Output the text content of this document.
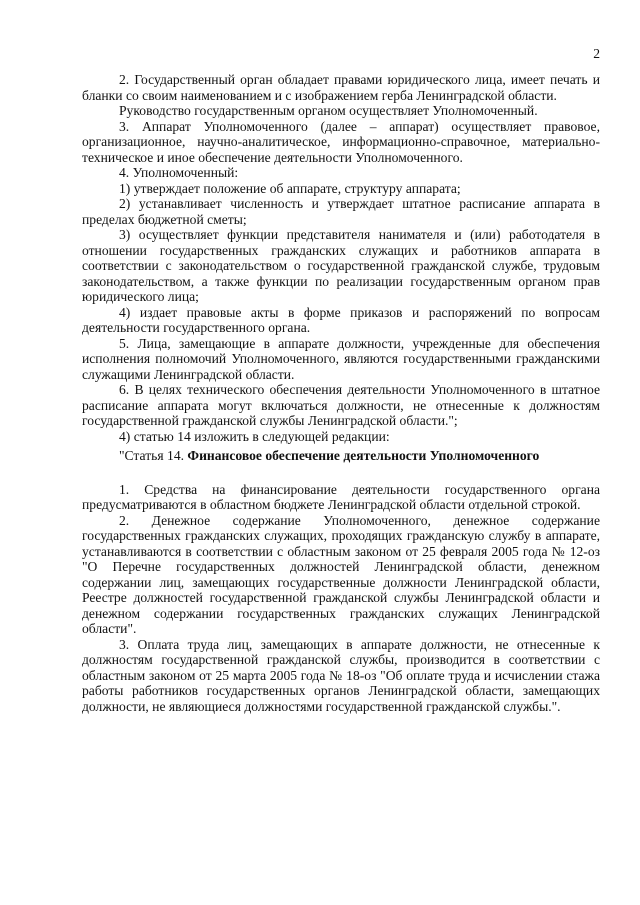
2

2. Государственный орган обладает правами юридического лица, имеет печать и бланки со своим наименованием и с изображением герба Ленинградской области.

Руководство государственным органом осуществляет Уполномоченный.

3. Аппарат Уполномоченного (далее – аппарат) осуществляет правовое, организационное, научно-аналитическое, информационно-справочное, материально-техническое и иное обеспечение деятельности Уполномоченного.

4. Уполномоченный:

1) утверждает положение об аппарате, структуру аппарата;

2) устанавливает численность и утверждает штатное расписание аппарата в пределах бюджетной сметы;

3) осуществляет функции представителя нанимателя и (или) работодателя в отношении государственных гражданских служащих и работников аппарата в соответствии с законодательством о государственной гражданской службе, трудовым законодательством, а также функции по реализации государственным органом прав юридического лица;

4) издает правовые акты в форме приказов и распоряжений по вопросам деятельности государственного органа.

5. Лица, замещающие в аппарате должности, учрежденные для обеспечения исполнения полномочий Уполномоченного, являются государственными гражданскими служащими Ленинградской области.

6. В целях технического обеспечения деятельности Уполномоченного в штатное расписание аппарата могут включаться должности, не отнесенные к должностям государственной гражданской службы Ленинградской области.";

4) статью 14 изложить в следующей редакции:

"Статья 14. Финансовое обеспечение деятельности Уполномоченного

1. Средства на финансирование деятельности государственного органа предусматриваются в областном бюджете Ленинградской области отдельной строкой.

2. Денежное содержание Уполномоченного, денежное содержание государственных гражданских служащих, проходящих гражданскую службу в аппарате, устанавливаются в соответствии с областным законом от 25 февраля 2005 года № 12-оз "О Перечне государственных должностей Ленинградской области, денежном содержании лиц, замещающих государственные должности Ленинградской области, Реестре должностей государственной гражданской службы Ленинградской области и денежном содержании государственных гражданских служащих Ленинградской области".

3. Оплата труда лиц, замещающих в аппарате должности, не отнесенные к должностям государственной гражданской службы, производится в соответствии с областным законом от 25 марта 2005 года № 18-оз "Об оплате труда и исчислении стажа работы работников государственных органов Ленинградской области, замещающих должности, не являющиеся должностями государственной гражданской службы.".
